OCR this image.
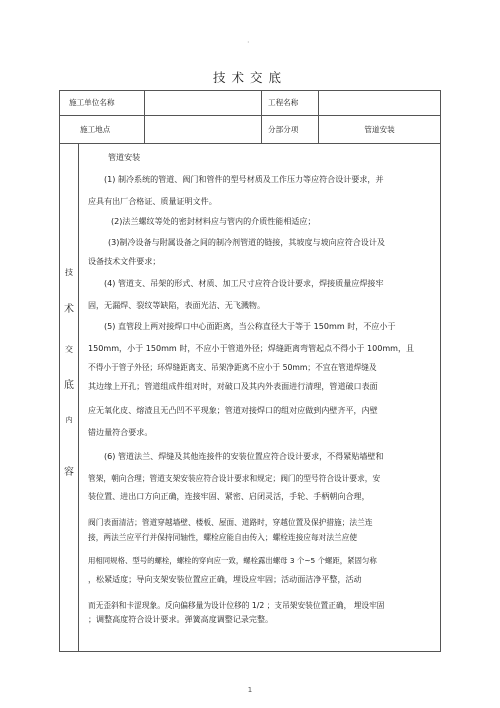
·
技术交底
施工单位名称	工程名称
施工地点	分部分项	管道安装
技
术
交
底
内
容
管道安装
(1) 制冷系统的管道、阀门和管件的型号材质及工作压力等应符合设计要求，并
应具有出厂合格证、质量证明文件。
(2)法兰螺纹等处的密封材料应与管内的介质性能相适应；
(3)制冷设备与附属设备之间的制冷剂管道的链接，其坡度与坡向应符合设计及
设备技术文件要求；
(4) 管道支、吊架的形式、材质、加工尺寸应符合设计要求，焊接质量应焊接牢
固，无漏焊、裂纹等缺陷，表面光洁、无飞溅物。
(5) 直管段上两对接焊口中心面距离，当公称直径大于等于 150mm 时，不应小于
150mm，小于 150mm 时，不应小于管道外径；焊缝距离弯管起点不得小于 100mm，且
不得小于管子外径；环焊缝距离支、吊架净距离不应小于 50mm；不宜在管道焊缝及
其边缘上开孔；管道组成件组对时，对破口及其内外表面进行清理，管道破口表面
应无氧化皮、熔渣且无凸凹不平现象；管道对接焊口的组对应做到内壁齐平，内壁
错边量符合要求。
(6) 管道法兰、焊缝及其他连接件的安装位置应符合设计要求，不得紧贴墙壁和
管架，朝向合理；管道支架安装应符合设计要求和规定；阀门的型号符合设计要求，安
装位置、进出口方向正确，连接牢固、紧密、启闭灵活，手轮、手柄朝向合理，
阀门表面清洁；管道穿越墙壁、楼板、屋面、道路时，穿越位置及保护措施；法兰连
接，两法兰应平行并保持同轴性，螺栓应能自由传入；螺栓连接应每对法兰应使
用相同规格、型号的螺栓，螺栓的穿向应一致，螺栓露出螺母 3 个~5 个螺距，紧固匀称
，松紧适度；导向支架安装位置应正确，埋设应牢固；活动面洁净平整，活动
而无歪斜和卡涩现象。反向偏移量为设计位移的 1/2 ；支吊架安装位置正确， 埋设牢固
；调整高度符合设计要求。弹簧高度调整记录完整。
1
